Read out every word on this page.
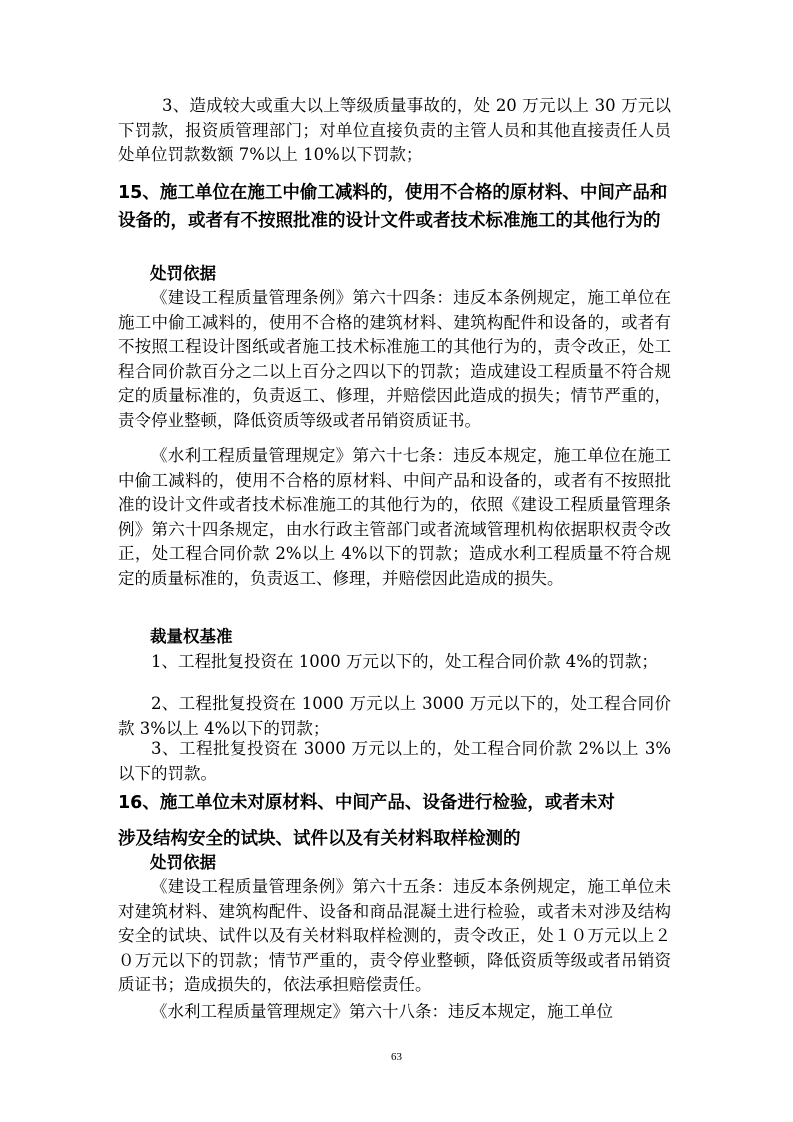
3、造成较大或重大以上等级质量事故的，处 20 万元以上 30 万元以下罚款，报资质管理部门；对单位直接负责的主管人员和其他直接责任人员处单位罚款数额 7%以上 10%以下罚款；

15、施工单位在施工中偷工减料的，使用不合格的原材料、中间产品和设备的，或者有不按照批准的设计文件或者技术标准施工的其他行为的

处罚依据

《建设工程质量管理条例》第六十四条：违反本条例规定，施工单位在施工中偷工减料的，使用不合格的建筑材料、建筑构配件和设备的，或者有不按照工程设计图纸或者施工技术标准施工的其他行为的，责令改正，处工程合同价款百分之二以上百分之四以下的罚款；造成建设工程质量不符合规定的质量标准的，负责返工、修理，并赔偿因此造成的损失；情节严重的，责令停业整顿，降低资质等级或者吊销资质证书。

《水利工程质量管理规定》第六十七条：违反本规定，施工单位在施工中偷工减料的，使用不合格的原材料、中间产品和设备的，或者有不按照批准的设计文件或者技术标准施工的其他行为的，依照《建设工程质量管理条例》第六十四条规定，由水行政主管部门或者流域管理机构依据职权责令改正，处工程合同价款 2%以上 4%以下的罚款；造成水利工程质量不符合规定的质量标准的，负责返工、修理，并赔偿因此造成的损失。

裁量权基准

1、工程批复投资在 1000 万元以下的，处工程合同价款 4%的罚款；

2、工程批复投资在 1000 万元以上 3000 万元以下的，处工程合同价款 3%以上 4%以下的罚款；

3、工程批复投资在 3000 万元以上的，处工程合同价款 2%以上 3%以下的罚款。

16、施工单位未对原材料、中间产品、设备进行检验，或者未对

涉及结构安全的试块、试件以及有关材料取样检测的

处罚依据

《建设工程质量管理条例》第六十五条：违反本条例规定，施工单位未对建筑材料、建筑构配件、设备和商品混凝土进行检验，或者未对涉及结构安全的试块、试件以及有关材料取样检测的，责令改正，处１０万元以上２０万元以下的罚款；情节严重的，责令停业整顿，降低资质等级或者吊销资质证书；造成损失的，依法承担赔偿责任。

《水利工程质量管理规定》第六十八条：违反本规定，施工单位

63
